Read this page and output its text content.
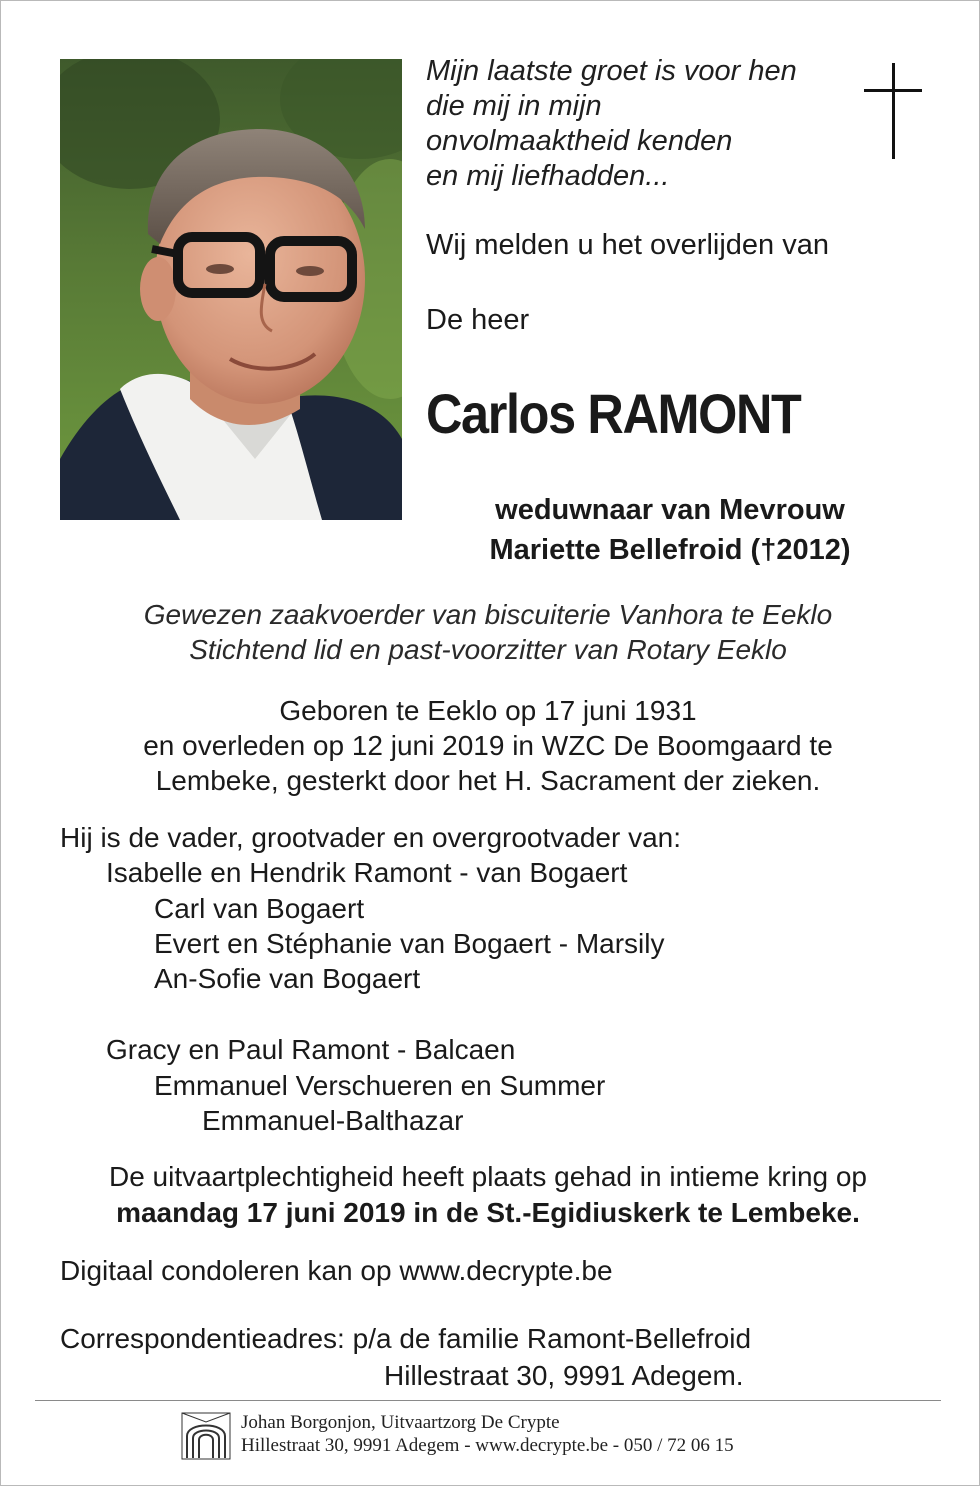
Mijn laatste groet is voor hen
die mij in mijn
onvolmaaktheid kenden
en mij liefhadden...
Wij melden u het overlijden van
De heer
Carlos RAMONT
weduwnaar van Mevrouw
Mariette Bellefroid (†2012)
Gewezen zaakvoerder van biscuiterie Vanhora te Eeklo
Stichtend lid en past-voorzitter van Rotary Eeklo
Geboren te Eeklo op 17 juni 1931
en overleden op 12 juni 2019 in WZC De Boomgaard te
Lembeke, gesterkt door het H. Sacrament der zieken.
Hij is de vader, grootvader en overgrootvader van:
Isabelle en Hendrik Ramont - van Bogaert
Carl van Bogaert
Evert en Stéphanie van Bogaert - Marsily
An-Sofie van Bogaert
Gracy en Paul Ramont - Balcaen
Emmanuel Verschueren en Summer
Emmanuel-Balthazar
De uitvaartplechtigheid heeft plaats gehad in intieme kring op
maandag 17 juni 2019 in de St.-Egidiuskerk te Lembeke.
Digitaal condoleren kan op www.decrypte.be
Correspondentieadres: p/a de familie Ramont-Bellefroid
Hillestraat 30, 9991 Adegem.
Johan Borgonjon, Uitvaartzorg De Crypte
Hillestraat 30, 9991 Adegem - www.decrypte.be - 050 / 72 06 15
